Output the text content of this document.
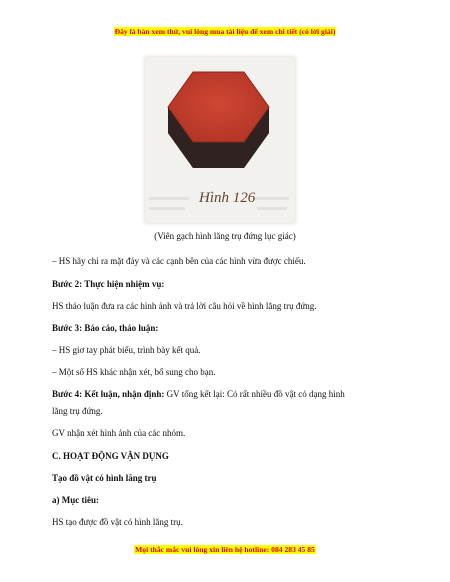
Đây là bản xem thử, vui lòng mua tài liệu để xem chi tiết (có lời giải)
Hình 126
(Viên gạch hình lăng trụ đứng lục giác)
– HS hãy chỉ ra mặt đáy và các cạnh bên của các hình vừa được chiếu.
Bước 2: Thực hiện nhiệm vụ:
HS thảo luận đưa ra các hình ảnh và trả lời câu hỏi về hình lăng trụ đứng.
Bước 3: Báo cáo, thảo luận:
– HS giơ tay phát biểu, trình bày kết quả.
– Một số HS khác nhận xét, bổ sung cho bạn.
Bước 4: Kết luận, nhận định: GV tổng kết lại: Có rất nhiều đồ vật có dạng hình
lăng trụ đứng.
GV nhận xét hình ảnh của các nhóm.
C. HOẠT ĐỘNG VẬN DỤNG
Tạo đồ vật có hình lăng trụ
a) Mục tiêu:
HS tạo được đồ vật có hình lăng trụ.
Mọi thắc mắc vui lòng xin liên hệ hotline: 084 283 45 85
